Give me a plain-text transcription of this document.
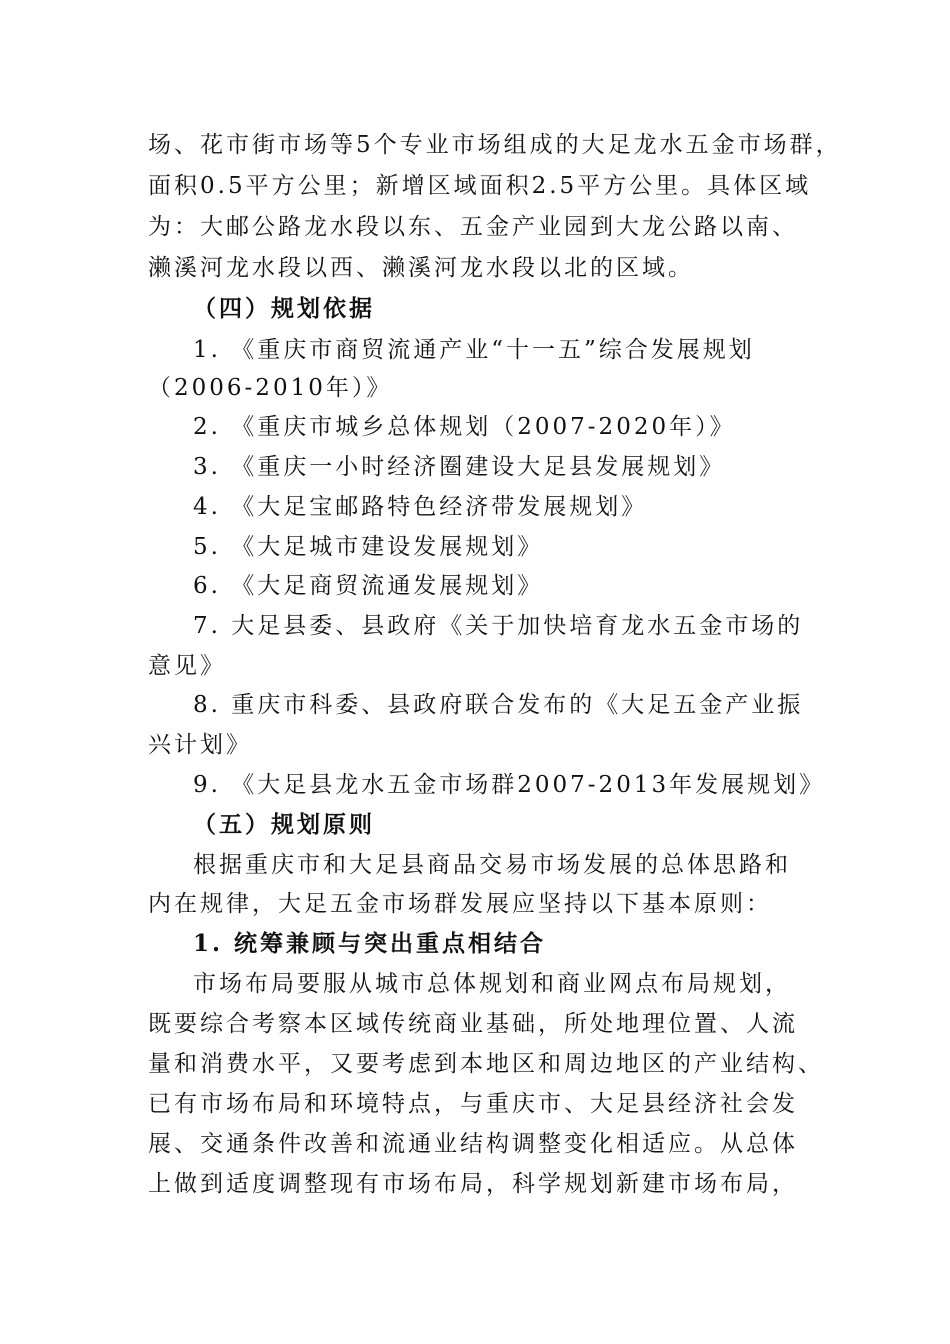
场、花市街市场等5个专业市场组成的大足龙水五金市场群，
面积0.5平方公里；新增区域面积2.5平方公里。具体区域
为：大邮公路龙水段以东、五金产业园到大龙公路以南、
濑溪河龙水段以西、濑溪河龙水段以北的区域。
（四）规划依据
1. 《重庆市商贸流通产业“十一五”综合发展规划
（2006-2010年）》
2. 《重庆市城乡总体规划（2007-2020年）》
3. 《重庆一小时经济圈建设大足县发展规划》
4. 《大足宝邮路特色经济带发展规划》
5. 《大足城市建设发展规划》
6. 《大足商贸流通发展规划》
7. 大足县委、县政府《关于加快培育龙水五金市场的
意见》
8. 重庆市科委、县政府联合发布的《大足五金产业振
兴计划》
9. 《大足县龙水五金市场群2007-2013年发展规划》
（五）规划原则
根据重庆市和大足县商品交易市场发展的总体思路和
内在规律，大足五金市场群发展应坚持以下基本原则：
1. 统筹兼顾与突出重点相结合
市场布局要服从城市总体规划和商业网点布局规划，
既要综合考察本区域传统商业基础，所处地理位置、人流
量和消费水平，又要考虑到本地区和周边地区的产业结构、
已有市场布局和环境特点，与重庆市、大足县经济社会发
展、交通条件改善和流通业结构调整变化相适应。从总体
上做到适度调整现有市场布局，科学规划新建市场布局，
